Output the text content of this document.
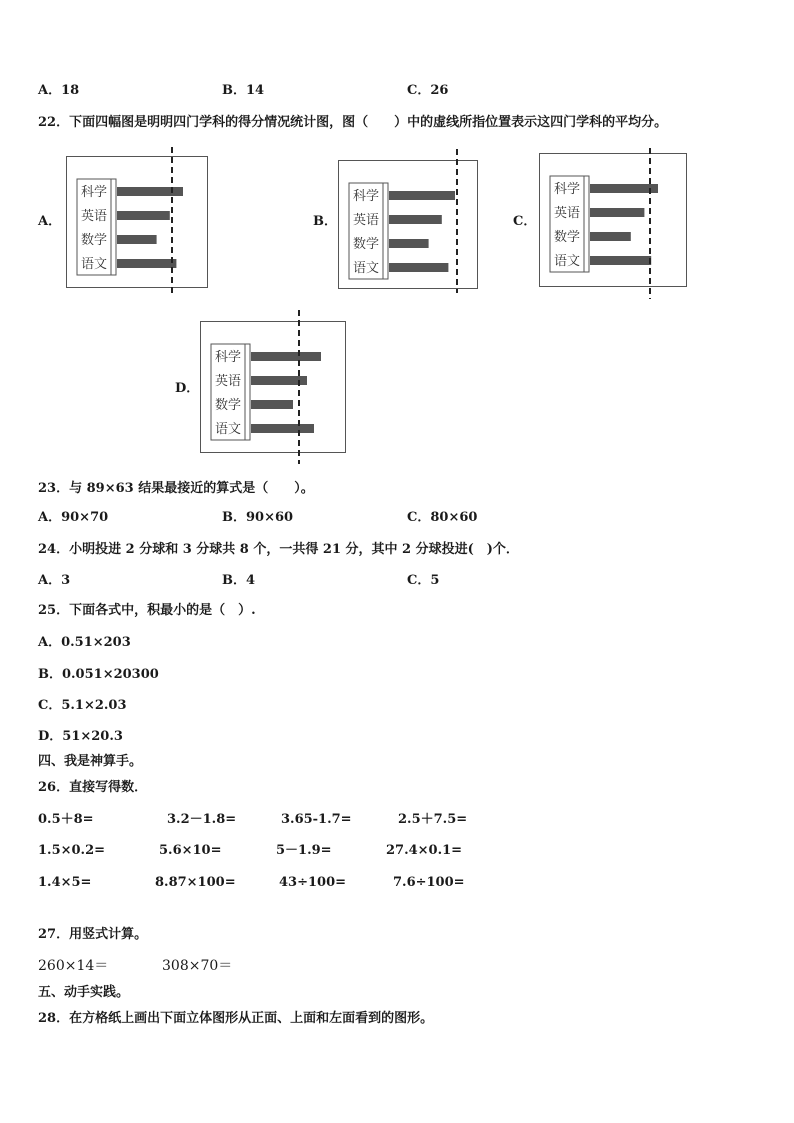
A．18	B．14	C．26
22．下面四幅图是明明四门学科的得分情况统计图，图（　　）中的虚线所指位置表示这四门学科的平均分。
A．	B．	C．
D．
科学
英语
数学
语文
科学
英语
数学
语文
科学
英语
数学
语文
科学
英语
数学
语文
23．与 89×63 结果最接近的算式是（　　）。
A．90×70	B．90×60	C．80×60
24．小明投进 2 分球和 3 分球共 8 个，一共得 21 分，其中 2 分球投进(　)个．
A．3	B．4	C．5
25．下面各式中，积最小的是（　）.
A．0.51×203
B．0.051×20300
C．5.1×2.03
D．51×20.3
四、我是神算手。
26．直接写得数．
0.5＋8=	3.2－1.8=	3.65-1.7=	2.5＋7.5=
1.5×0.2=	5.6×10=	5－1.9=	27.4×0.1=
1.4×5=	8.87×100=	43÷100=	7.6÷100=
27．用竖式计算。
260×14＝	308×70＝
五、动手实践。
28．在方格纸上画出下面立体图形从正面、上面和左面看到的图形。
